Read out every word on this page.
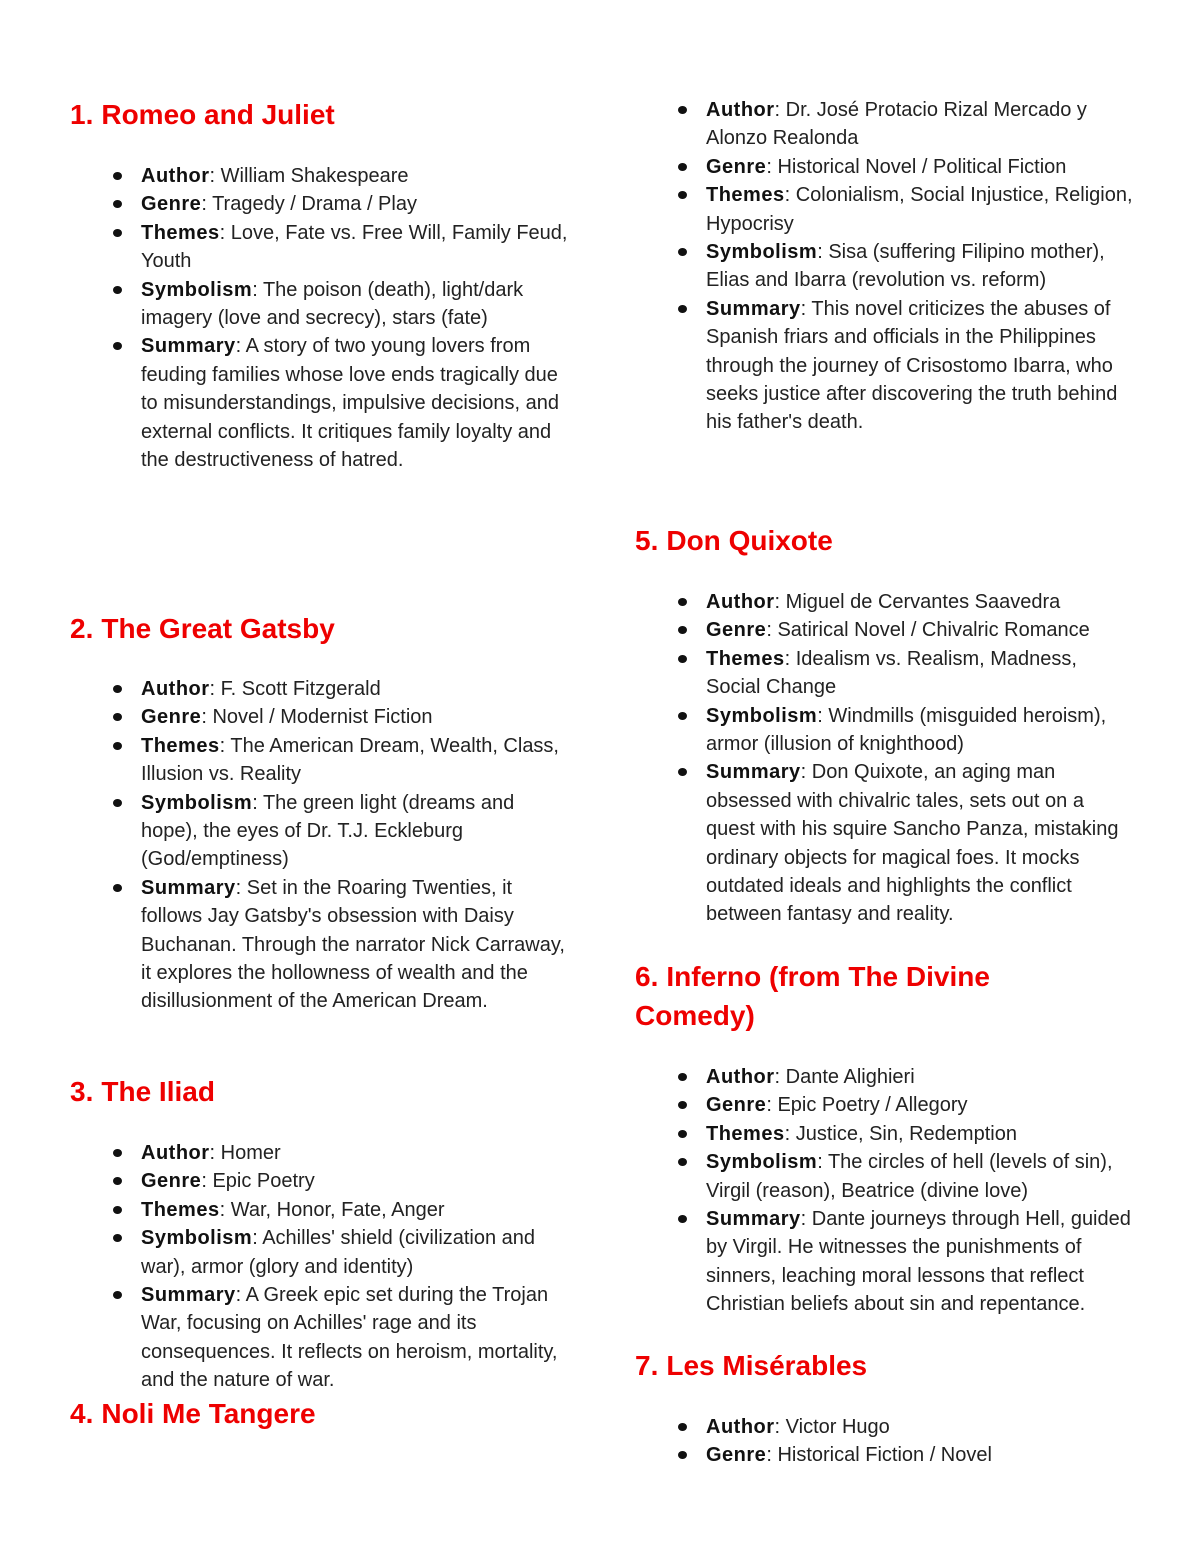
1. Romeo and Juliet
Author: William Shakespeare
Genre: Tragedy / Drama / Play
Themes: Love, Fate vs. Free Will, Family Feud, Youth
Symbolism: The poison (death), light/dark imagery (love and secrecy), stars (fate)
Summary: A story of two young lovers from feuding families whose love ends tragically due to misunderstandings, impulsive decisions, and external conflicts. It critiques family loyalty and the destructiveness of hatred.
2. The Great Gatsby
Author: F. Scott Fitzgerald
Genre: Novel / Modernist Fiction
Themes: The American Dream, Wealth, Class, Illusion vs. Reality
Symbolism: The green light (dreams and hope), the eyes of Dr. T.J. Eckleburg (God/emptiness)
Summary: Set in the Roaring Twenties, it follows Jay Gatsby's obsession with Daisy Buchanan. Through the narrator Nick Carraway, it explores the hollowness of wealth and the disillusionment of the American Dream.
3. The Iliad
Author: Homer
Genre: Epic Poetry
Themes: War, Honor, Fate, Anger
Symbolism: Achilles' shield (civilization and war), armor (glory and identity)
Summary: A Greek epic set during the Trojan War, focusing on Achilles' rage and its consequences. It reflects on heroism, mortality, and the nature of war.
4. Noli Me Tangere
Author: Dr. José Protacio Rizal Mercado y Alonzo Realonda
Genre: Historical Novel / Political Fiction
Themes: Colonialism, Social Injustice, Religion, Hypocrisy
Symbolism: Sisa (suffering Filipino mother), Elias and Ibarra (revolution vs. reform)
Summary: This novel criticizes the abuses of Spanish friars and officials in the Philippines through the journey of Crisostomo Ibarra, who seeks justice after discovering the truth behind his father's death.
5. Don Quixote
Author: Miguel de Cervantes Saavedra
Genre: Satirical Novel / Chivalric Romance
Themes: Idealism vs. Realism, Madness, Social Change
Symbolism: Windmills (misguided heroism), armor (illusion of knighthood)
Summary: Don Quixote, an aging man obsessed with chivalric tales, sets out on a quest with his squire Sancho Panza, mistaking ordinary objects for magical foes. It mocks outdated ideals and highlights the conflict between fantasy and reality.
6. Inferno (from The Divine
Comedy)
Author: Dante Alighieri
Genre: Epic Poetry / Allegory
Themes: Justice, Sin, Redemption
Symbolism: The circles of hell (levels of sin), Virgil (reason), Beatrice (divine love)
Summary: Dante journeys through Hell, guided by Virgil. He witnesses the punishments of sinners, leaching moral lessons that reflect Christian beliefs about sin and repentance.
7. Les Misérables
Author: Victor Hugo
Genre: Historical Fiction / Novel
